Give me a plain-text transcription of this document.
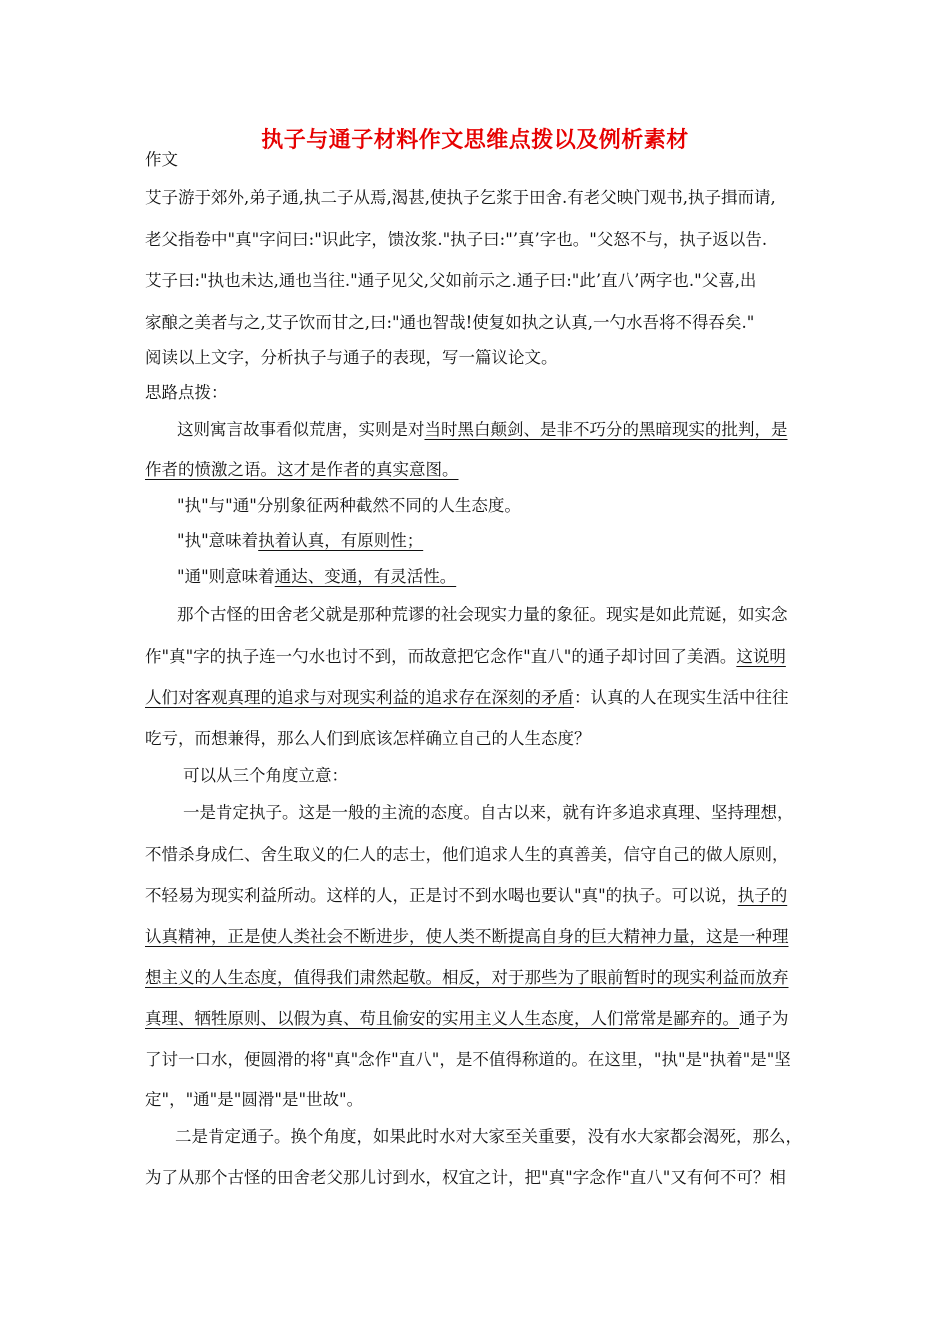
执子与通子材料作文思维点拨以及例析素材
作文
艾子游于郊外,弟子通,执二子从焉,渴甚,使执子乞浆于田舍.有老父映门观书,执子揖而请,
老父指卷中"真"字问曰:"识此字，馈汝浆."执子曰:"’真’字也。"父怒不与，执子返以告.
艾子曰:"执也未达,通也当往."通子见父,父如前示之.通子曰:"此’直八’两字也."父喜,出
家酿之美者与之,艾子饮而甘之,曰:"通也智哉!使复如执之认真,一勺水吾将不得吞矣."
阅读以上文字，分析执子与通子的表现，写一篇议论文。
思路点拨：
这则寓言故事看似荒唐，实则是对当时黑白颠剑、是非不巧分的黑暗现实的批判，是
作者的愤激之语。这才是作者的真实意图。
"执"与"通"分别象征两种截然不同的人生态度。
"执"意味着执着认真，有原则性；
"通"则意味着通达、变通，有灵活性。
那个古怪的田舍老父就是那种荒谬的社会现实力量的象征。现实是如此荒诞，如实念
作"真"字的执子连一勺水也讨不到，而故意把它念作"直八"的通子却讨回了美酒。这说明
人们对客观真理的追求与对现实利益的追求存在深刻的矛盾：认真的人在现实生活中往往
吃亏，而想兼得，那么人们到底该怎样确立自己的人生态度？
可以从三个角度立意：
一是肯定执子。这是一般的主流的态度。自古以来，就有许多追求真理、坚持理想，
不惜杀身成仁、舍生取义的仁人的志士，他们追求人生的真善美，信守自己的做人原则，
不轻易为现实利益所动。这样的人，正是讨不到水喝也要认"真"的执子。可以说，执子的
认真精神，正是使人类社会不断进步，使人类不断提高自身的巨大精神力量，这是一种理
想主义的人生态度，值得我们肃然起敬。相反，对于那些为了眼前暂时的现实利益而放弃
真理、牺牲原则、以假为真、苟且偷安的实用主义人生态度，人们常常是鄙弃的。通子为
了讨一口水，便圆滑的将"真"念作"直八"，是不值得称道的。在这里，"执"是"执着"是"坚
定"，"通"是"圆滑"是"世故"。
二是肯定通子。换个角度，如果此时水对大家至关重要，没有水大家都会渴死，那么，
为了从那个古怪的田舍老父那儿讨到水，权宜之计，把"真"字念作"直八"又有何不可？相
